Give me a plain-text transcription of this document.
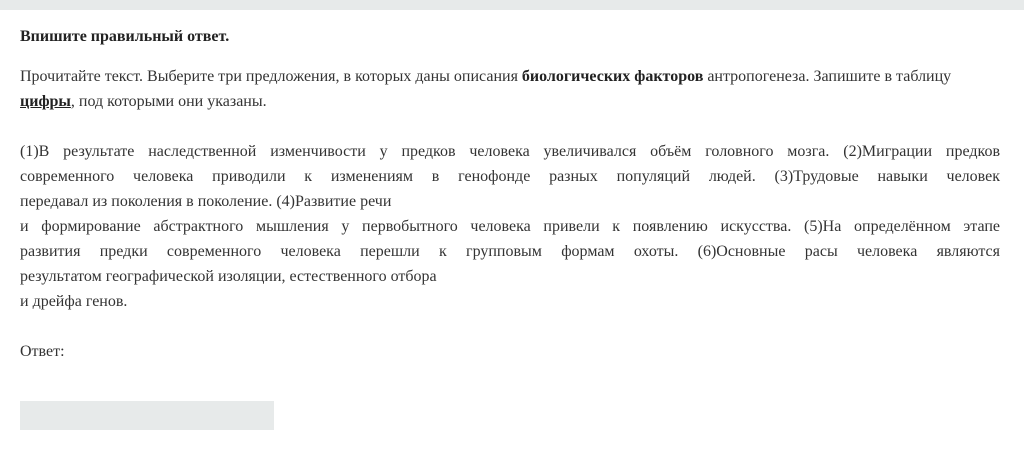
Впишите правильный ответ.

Прочитайте текст. Выберите три предложения, в которых даны описания биологических факторов антропогенеза. Запишите в таблицу цифры, под которыми они указаны.

(1)В результате наследственной изменчивости у предков человека увеличивался объём головного мозга. (2)Миграции предков
современного человека приводили к изменениям в генофонде разных популяций людей. (3)Трудовые навыки человек
передавал из поколения в поколение. (4)Развитие речи
и формирование абстрактного мышления у первобытного человека привели к появлению искусства. (5)На определённом этапе
развития предки современного человека перешли к групповым формам охоты. (6)Основные расы человека являются
результатом географической изоляции, естественного отбора
и дрейфа генов.

Ответ:
